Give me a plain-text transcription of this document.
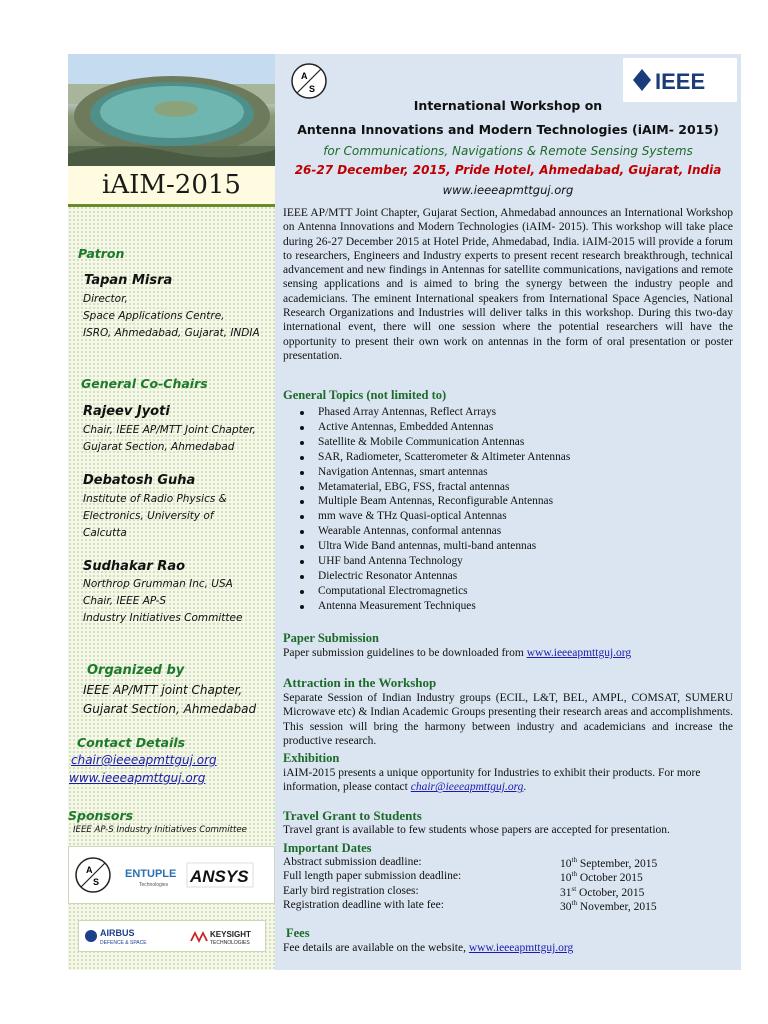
iAIM-2015
Patron
Tapan Misra
Director,
Space Applications Centre,
ISRO, Ahmedabad, Gujarat, INDIA
General Co-Chairs
Rajeev Jyoti
Chair, IEEE AP/MTT Joint Chapter,
Gujarat Section, Ahmedabad
Debatosh Guha
Institute of Radio Physics &
Electronics, University of
Calcutta
Sudhakar Rao
Northrop Grumman Inc, USA
Chair, IEEE AP-S
Industry Initiatives Committee
Organized by
IEEE AP/MTT joint Chapter,
Gujarat Section, Ahmedabad
Contact Details
chair@ieeeapmttguj.org
www.ieeeapmttguj.org
Sponsors
IEEE AP-S Industry Initiatives Committee
A
S
ENTUPLE
Technologies ANSYS
AIRBUS
DEFENCE & SPACE
KEYSIGHT
TECHNOLOGIES
A
S	IEEE
International Workshop on
Antenna Innovations and Modern Technologies (iAIM- 2015)
for Communications, Navigations & Remote Sensing Systems
26-27 December, 2015, Pride Hotel, Ahmedabad, Gujarat, India
www.ieeeapmttguj.org
IEEE AP/MTT Joint Chapter, Gujarat Section, Ahmedabad announces an International Workshop on Antenna Innovations and Modern Technologies (iAIM- 2015). This workshop will take place during 26-27 December 2015 at Hotel Pride, Ahmedabad, India. iAIM-2015 will provide a forum to researchers, Engineers and Industry experts to present recent research breakthrough, technical advancement and new findings in Antennas for satellite communications, navigations and remote sensing applications and is aimed to bring the synergy between the industry people and academicians. The eminent International speakers from International Space Agencies, National Research Organizations and Industries will deliver talks in this workshop. During this two-day international event, there will one session where the potential researchers will have the opportunity to present their own work on antennas in the form of oral presentation or poster presentation.
General Topics (not limited to)
Phased Array Antennas, Reflect Arrays
Active Antennas, Embedded Antennas
Satellite & Mobile Communication Antennas
SAR, Radiometer, Scatterometer & Altimeter Antennas
Navigation Antennas, smart antennas
Metamaterial, EBG, FSS, fractal antennas
Multiple Beam Antennas, Reconfigurable Antennas
mm wave & THz Quasi-optical Antennas
Wearable Antennas, conformal antennas
Ultra Wide Band antennas, multi-band antennas
UHF band Antenna Technology
Dielectric Resonator Antennas
Computational Electromagnetics
Antenna Measurement Techniques
Paper Submission
Paper submission guidelines to be downloaded from www.ieeeapmttguj.org
Attraction in the Workshop
Separate Session of Indian Industry groups (ECIL, L&T, BEL, AMPL, COMSAT, SUMERU Microwave etc) & Indian Academic Groups presenting their research areas and accomplishments. This session will bring the harmony between industry and academicians and increase the productive research.
Exhibition
iAIM-2015 presents a unique opportunity for Industries to exhibit their products. For more information, please contact chair@ieeeapmttguj.org.
Travel Grant to Students
Travel grant is available to few students whose papers are accepted for presentation.
Important Dates
Abstract submission deadline:	10th September, 2015
Full length paper submission deadline:	10th October 2015
Early bird registration closes:	31st October, 2015
Registration deadline with late fee:	30th November, 2015
Fees
Fee details are available on the website, www.ieeeapmttguj.org
